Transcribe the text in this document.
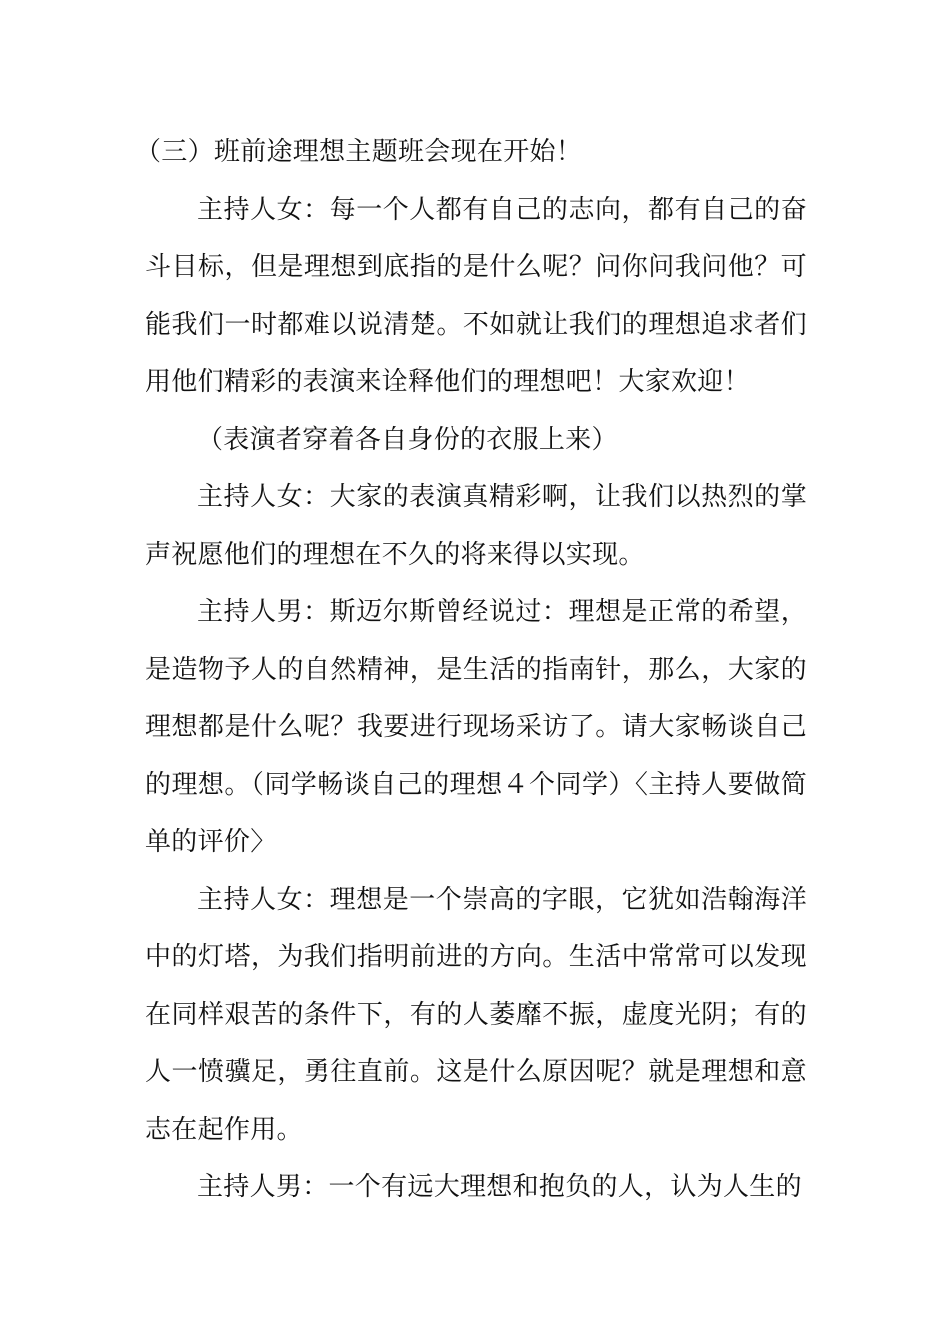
（三）班前途理想主题班会现在开始！

主持人女：每一个人都有自己的志向，都有自己的奋斗目标，但是理想到底指的是什么呢？问你问我问他？可能我们一时都难以说清楚。不如就让我们的理想追求者们用他们精彩的表演来诠释他们的理想吧！大家欢迎！

（表演者穿着各自身份的衣服上来）

主持人女：大家的表演真精彩啊，让我们以热烈的掌声祝愿他们的理想在不久的将来得以实现。

主持人男：斯迈尔斯曾经说过：理想是正常的希望，是造物予人的自然精神，是生活的指南针，那么，大家的理想都是什么呢？我要进行现场采访了。请大家畅谈自己的理想。（同学畅谈自己的理想４个同学）〈主持人要做简单的评价〉

主持人女：理想是一个崇高的字眼，它犹如浩翰海洋中的灯塔，为我们指明前进的方向。生活中常常可以发现在同样艰苦的条件下，有的人萎靡不振，虚度光阴；有的人一愤骥足，勇往直前。这是什么原因呢？就是理想和意志在起作用。

主持人男：一个有远大理想和抱负的人，认为人生的
